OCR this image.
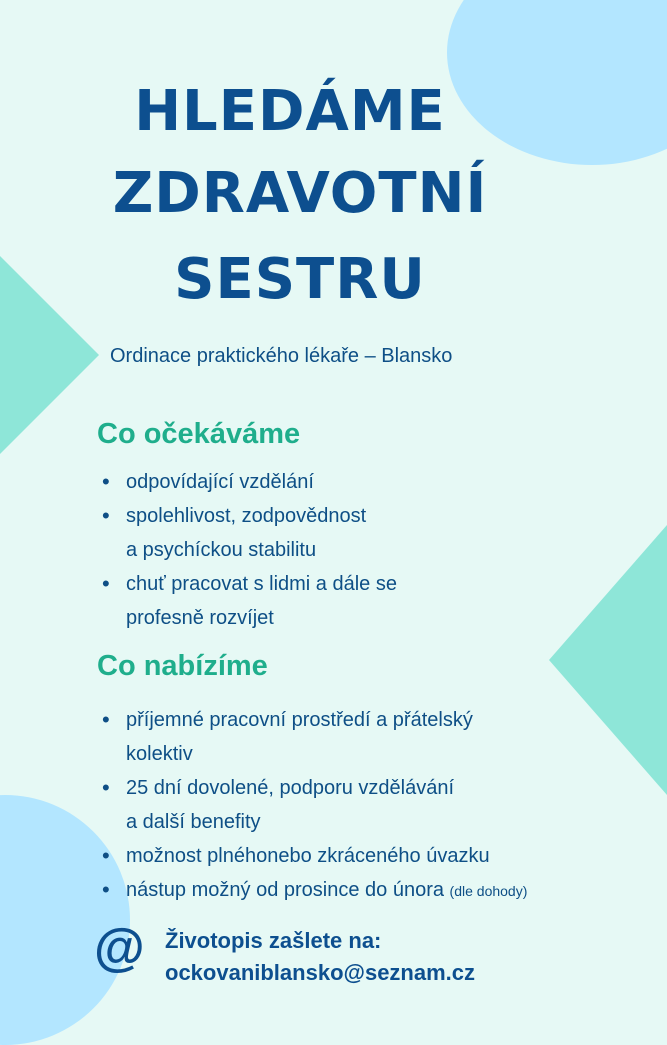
HLEDÁME
ZDRAVOTNÍ
SESTRU
Ordinace praktického lékaře – Blansko
Co očekáváme
• odpovídající vzdělání
• spolehlivost, zodpovědnost
a psychíckou stabilitu
• chuť pracovat s lidmi a dále se
profesně rozvíjet
Co nabízíme
• příjemné pracovní prostředí a přátelský
kolektiv
• 25 dní dovolené, podporu vzdělávání
a další benefity
• možnost plnéhonebo zkráceného úvazku
• nástup možný od prosince do února (dle dohody)
@ Životopis zašlete na:
ockovaniblansko@seznam.cz
